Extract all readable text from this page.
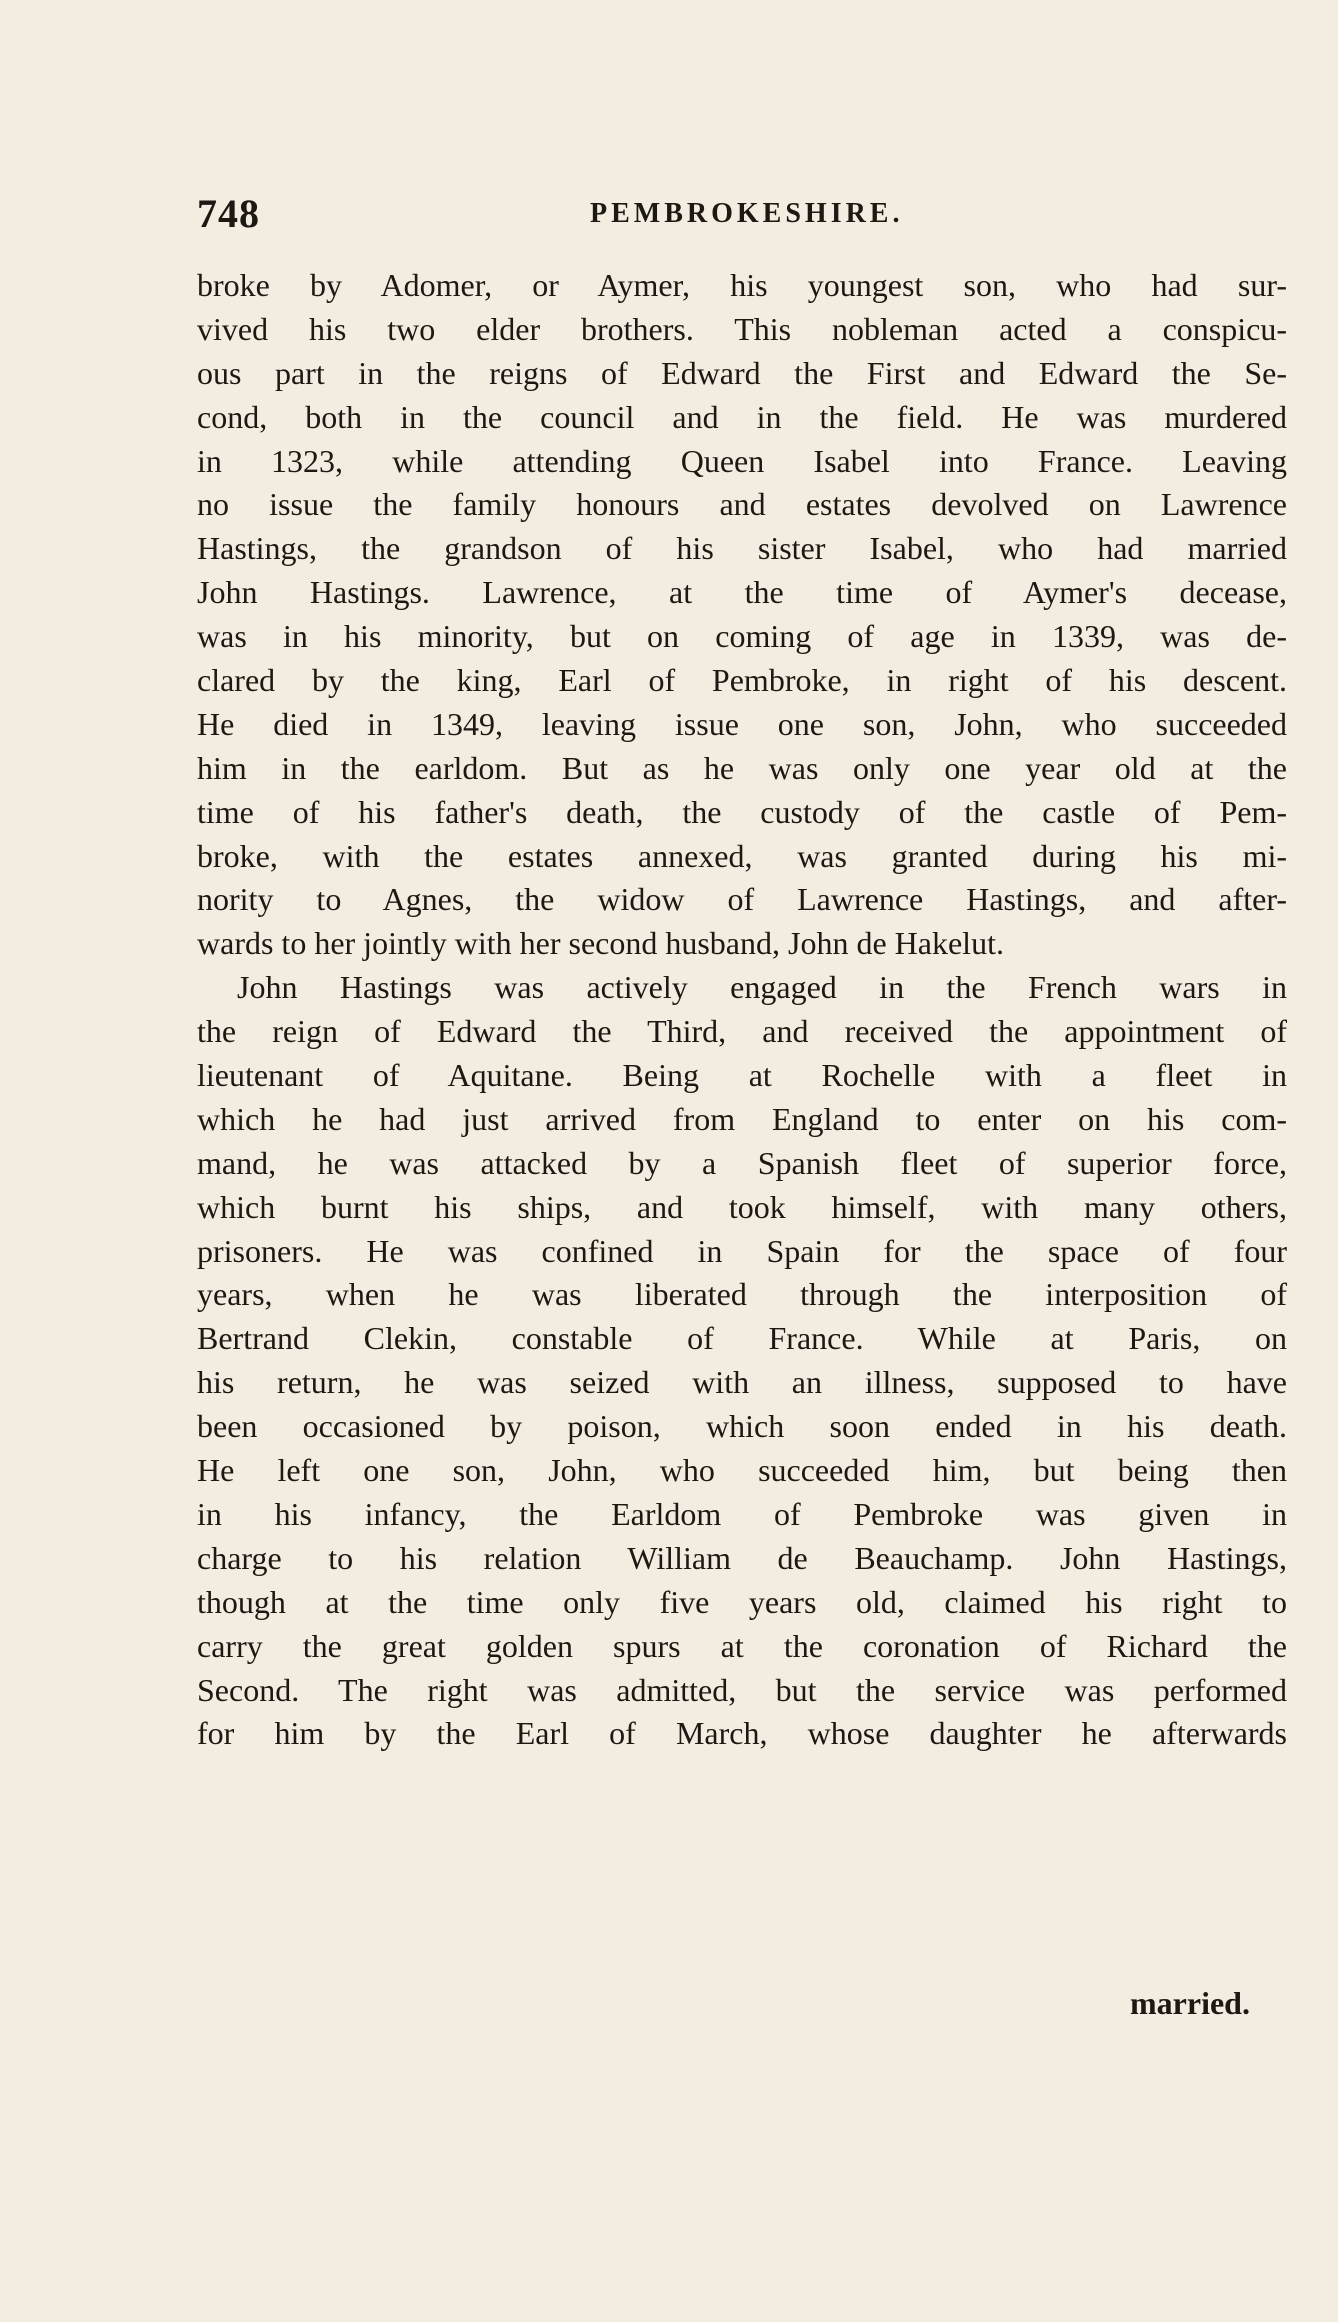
748	PEMBROKESHIRE.
broke by Adomer, or Aymer, his youngest son, who had sur-
vived his two elder brothers. This nobleman acted a conspicu-
ous part in the reigns of Edward the First and Edward the Se-
cond, both in the council and in the field. He was murdered
in 1323, while attending Queen Isabel into France. Leaving
no issue the family honours and estates devolved on Lawrence
Hastings, the grandson of his sister Isabel, who had married
John Hastings. Lawrence, at the time of Aymer's decease,
was in his minority, but on coming of age in 1339, was de-
clared by the king, Earl of Pembroke, in right of his descent.
He died in 1349, leaving issue one son, John, who succeeded
him in the earldom. But as he was only one year old at the
time of his father's death, the custody of the castle of Pem-
broke, with the estates annexed, was granted during his mi-
nority to Agnes, the widow of Lawrence Hastings, and after-
wards to her jointly with her second husband, John de Hakelut.
John Hastings was actively engaged in the French wars in
the reign of Edward the Third, and received the appointment of
lieutenant of Aquitane. Being at Rochelle with a fleet in
which he had just arrived from England to enter on his com-
mand, he was attacked by a Spanish fleet of superior force,
which burnt his ships, and took himself, with many others,
prisoners. He was confined in Spain for the space of four
years, when he was liberated through the interposition of
Bertrand Clekin, constable of France. While at Paris, on
his return, he was seized with an illness, supposed to have
been occasioned by poison, which soon ended in his death.
He left one son, John, who succeeded him, but being then
in his infancy, the Earldom of Pembroke was given in
charge to his relation William de Beauchamp. John Hastings,
though at the time only five years old, claimed his right to
carry the great golden spurs at the coronation of Richard the
Second. The right was admitted, but the service was performed
for him by the Earl of March, whose daughter he afterwards
married.
